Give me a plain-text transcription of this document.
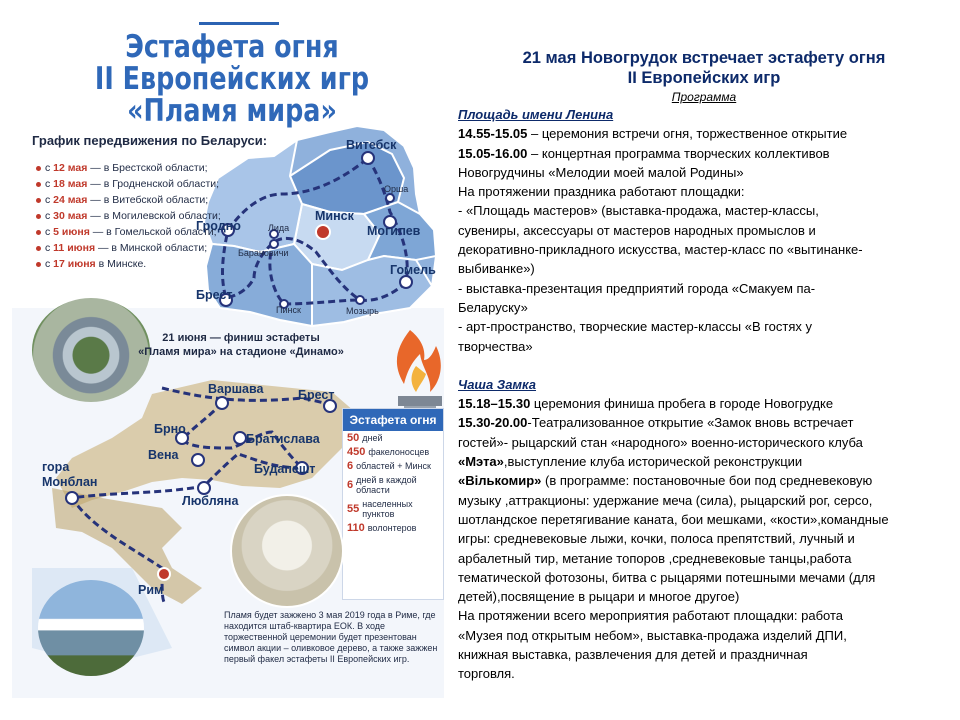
Витебск
Орша
Минск
Могилев
Гродно	Лида
Барановичи
Гомель
Брест
Пинск	Мозырь
Варшава	Брест
Брно
Братислава
Вена
Будапешт
гора
Монблан
Любляна
Рим
Эстафета огня
II Европейских игр
«Пламя мира»
График передвижения по Беларуси:
с
12 мая
— в Брестской области;
с
18 мая
— в Гродненской области;
с
24 мая
— в Витебской области;
с
30 мая
— в Могилевской области;
с
5 июня
— в Гомельской области;
с
11 июня
— в Минской области;
с
17 июня
в Минске.
21 июня — финиш эстафеты
«Пламя мира» на стадионе «Динамо»
Эстафета огня
50 дней
450 факелоносцев
6 областей + Минск
6 дней в каждой области
55 населенных пунктов
110 волонтеров
Пламя будет зажжено 3 мая 2019 года в Риме, где находится штаб-квартира ЕОК. В ходе торжественной церемонии будет презентован символ акции – оливковое дерево, а также зажжен первый факел эстафеты II Европейских игр.

21 мая Новогрудок встречает эстафету огня

II Европейских игр

Программа
Площадь имени Ленина

14.55-15.05 – церемония встречи огня, торжественное открытие

15.05-16.00 – концертная программа творческих коллективов

Новогрудчины «Мелодии моей малой Родины»

На протяжении праздника работают площадки:

- «Площадь мастеров» (выставка-продажа, мастер-классы,

сувениры, аксессуары от мастеров народных промыслов и

декоративно-прикладного искусства, мастер-класс по «вытинанке-

выбиванке»)

- выставка-презентация предприятий города «Смакуем па-

Беларуску»

- арт-пространство, творческие мастер-классы «В гостях у

творчества»

Чаша Замка

15.18–15.30 церемония финиша пробега в городе Новогрудке

15.30-20.00-Театрализованное открытие «Замок вновь встречает

гостей»- рыцарский стан «народного» военно-исторического клуба

«Мэта»,выступление клуба исторической реконструкции

«Вількомир» (в программе: постановочные бои под средневековую

музыку ,аттракционы: удержание меча (сила), рыцарский рог, серсо,

шотландское перетягивание каната, бои мешками, «кости»,командные

игры: средневековые лыжи, кочки, полоса препятствий, лучный и

арбалетный тир, метание топоров ,средневековые танцы,работа

тематической фотозоны, битва с рыцарями потешными мечами (для

детей),посвящение в рыцари и многое другое)

На протяжении всего мероприятия работают площадки: работа

«Музея под открытым небом», выставка-продажа изделий ДПИ,

книжная выставка, развлечения для детей и праздничная

торговля.
